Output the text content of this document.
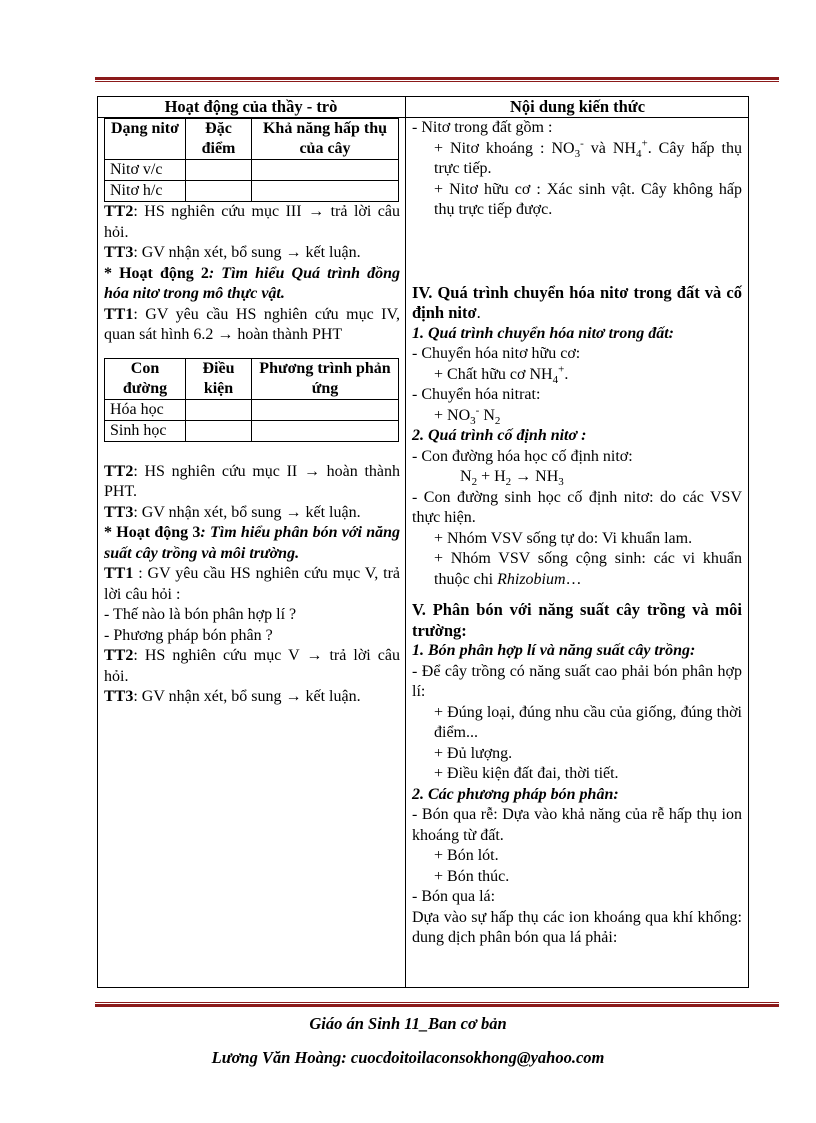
Hoạt động của thầy - trò	Nội dung kiến thức
Dạng nitơ	Đặc điểm	Khả năng hấp thụ của cây
Nitơ v/c		
Nitơ h/c		

TT2: HS nghiên cứu mục III → trả lời câu hỏi.

TT3: GV nhận xét, bổ sung → kết luận.

* Hoạt động 2: Tìm hiểu Quá trình đồng hóa nitơ trong mô thực vật.

TT1: GV yêu cầu HS nghiên cứu mục IV, quan sát hình 6.2 → hoàn thành PHT

Con đường	Điều kiện	Phương trình phản ứng
Hóa học		
Sinh học		

TT2: HS nghiên cứu mục II → hoàn thành PHT.

TT3: GV nhận xét, bổ sung → kết luận.

* Hoạt động 3: Tìm hiểu phân bón với năng suất cây trồng và môi trường.

TT1 : GV yêu cầu HS nghiên cứu mục V, trả lời câu hỏi :

- Thế nào là bón phân hợp lí ?

- Phương pháp bón phân ?

TT2: HS nghiên cứu mục V → trả lời câu hỏi.

TT3: GV nhận xét, bổ sung → kết luận.

- Nitơ trong đất gồm :

+ Nitơ khoáng : $NO_3^-$ và $NH_4^+$. Cây hấp thụ trực tiếp.

+ Nitơ hữu cơ : Xác sinh vật. Cây không hấp thụ trực tiếp được.

IV. Quá trình chuyển hóa nitơ trong đất và cố định nitơ.

1. Quá trình chuyển hóa nitơ trong đất:

- Chuyển hóa nitơ hữu cơ:

+ Chất hữu cơ $NH_4^+$.

- Chuyển hóa nitrat:

+ $NO_3^-$ $N_2$

2. Quá trình cố định nitơ :

- Con đường hóa học cố định nitơ:

$N_2 + H_2 \to NH_3$

- Con đường sinh học cố định nitơ: do các VSV thực hiện.

+ Nhóm VSV sống tự do: Vi khuẩn lam.

+ Nhóm VSV sống cộng sinh: các vi khuẩn thuộc chi Rhizobium…

V. Phân bón với năng suất cây trồng và môi trường:

1. Bón phân hợp lí và năng suất cây trồng:

- Để cây trồng có năng suất cao phải bón phân hợp lí:

+ Đúng loại, đúng nhu cầu của giống, đúng thời điểm...

+ Đủ lượng.

+ Điều kiện đất đai, thời tiết.

2. Các phương pháp bón phân:

- Bón qua rễ: Dựa vào khả năng của rễ hấp thụ ion khoáng từ đất.

+ Bón lót.

+ Bón thúc.

- Bón qua lá:

Dựa vào sự hấp thụ các ion khoáng qua khí khổng: dung dịch phân bón qua lá phải:

Giáo án Sinh 11_Ban cơ bản
Lương Văn Hoàng: cuocdoitoilaconsokhong@yahoo.com
